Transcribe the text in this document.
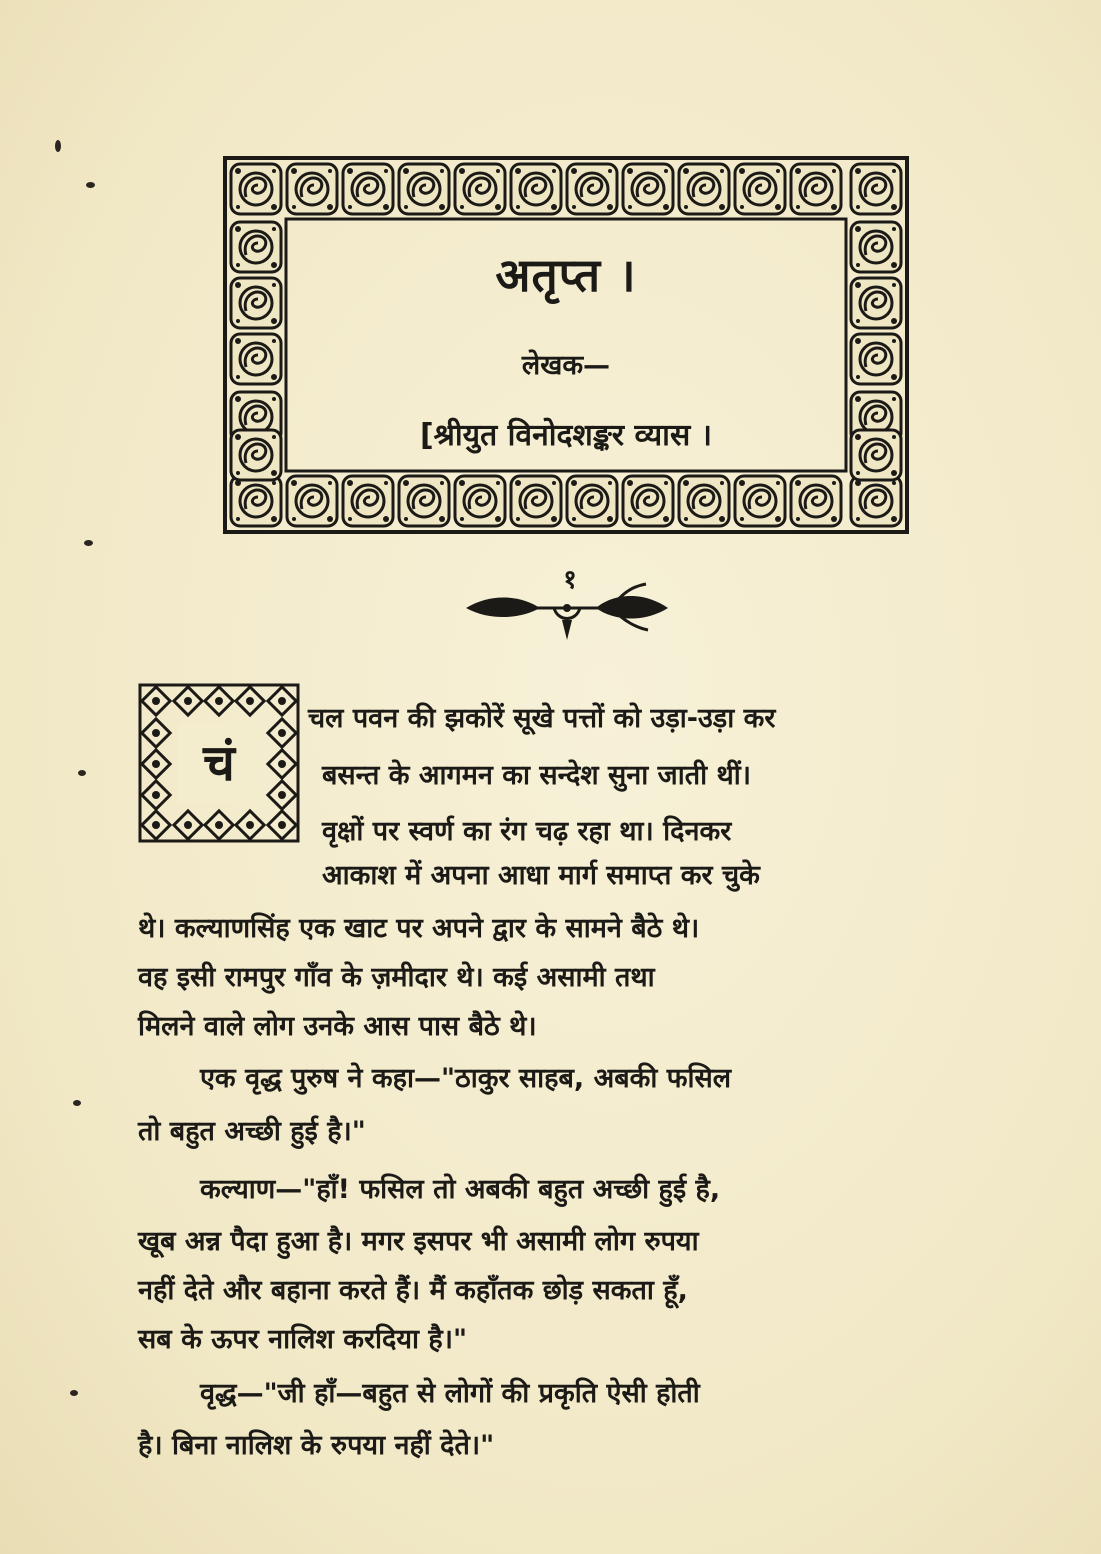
अतृप्त ।
लेखक—
[श्रीयुत विनोदशङ्कर व्यास ।
१
चं
चल पवन की झकोरें सूखे पत्तों को उड़ा-उड़ा कर
बसन्त के आगमन का सन्देश सुना जाती थीं।
वृक्षों पर स्वर्ण का रंग चढ़ रहा था। दिनकर
आकाश में अपना आधा मार्ग समाप्त कर चुके
थे। कल्याणसिंह एक खाट पर अपने द्वार के सामने बैठे थे।
वह इसी रामपुर गाँव के ज़मीदार थे। कई असामी तथा
मिलने वाले लोग उनके आस पास बैठे थे।
एक वृद्ध पुरुष ने कहा—"ठाकुर साहब, अबकी फसिल
तो बहुत अच्छी हुई है।"
कल्याण—"हाँ! फसिल तो अबकी बहुत अच्छी हुई है,
खूब अन्न पैदा हुआ है। मगर इसपर भी असामी लोग रुपया
नहीं देते और बहाना करते हैं। मैं कहाँतक छोड़ सकता हूँ,
सब के ऊपर नालिश करदिया है।"
वृद्ध—"जी हाँ—बहुत से लोगों की प्रकृति ऐसी होती
है। बिना नालिश के रुपया नहीं देते।"
